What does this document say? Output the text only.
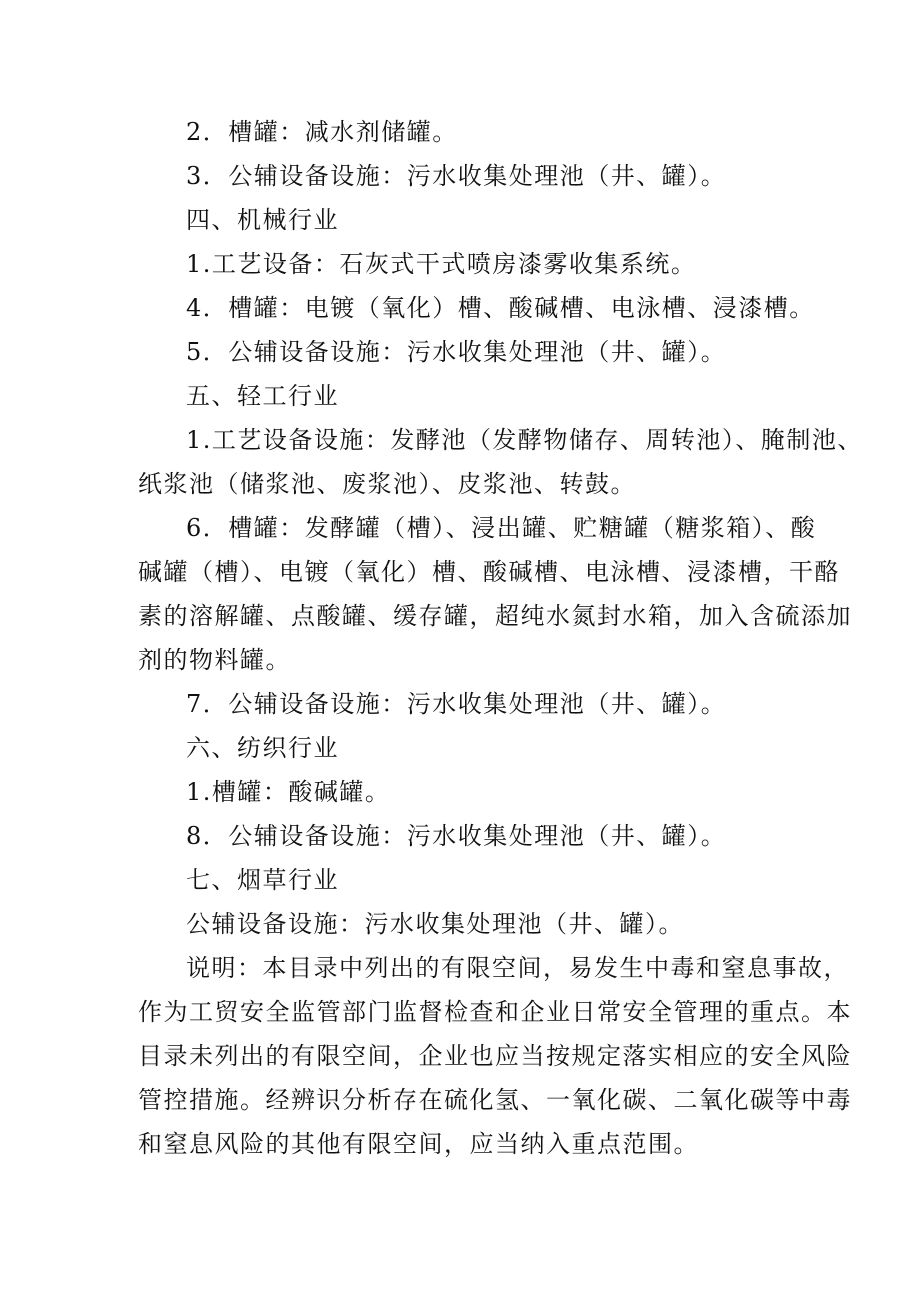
2．槽罐：减水剂储罐。
3．公辅设备设施：污水收集处理池（井、罐）。
四、机械行业
1.工艺设备：石灰式干式喷房漆雾收集系统。
4．槽罐：电镀（氧化）槽、酸碱槽、电泳槽、浸漆槽。
5．公辅设备设施：污水收集处理池（井、罐）。
五、轻工行业
1.工艺设备设施：发酵池（发酵物储存、周转池）、腌制池、
纸浆池（储浆池、废浆池）、皮浆池、转鼓。
6．槽罐：发酵罐（槽）、浸出罐、贮糖罐（糖浆箱）、酸
碱罐（槽）、电镀（氧化）槽、酸碱槽、电泳槽、浸漆槽，干酪
素的溶解罐、点酸罐、缓存罐，超纯水氮封水箱，加入含硫添加
剂的物料罐。
7．公辅设备设施：污水收集处理池（井、罐）。
六、纺织行业
1.槽罐：酸碱罐。
8．公辅设备设施：污水收集处理池（井、罐）。
七、烟草行业
公辅设备设施：污水收集处理池（井、罐）。
说明：本目录中列出的有限空间，易发生中毒和窒息事故，
作为工贸安全监管部门监督检查和企业日常安全管理的重点。本
目录未列出的有限空间，企业也应当按规定落实相应的安全风险
管控措施。经辨识分析存在硫化氢、一氧化碳、二氧化碳等中毒
和窒息风险的其他有限空间，应当纳入重点范围。
